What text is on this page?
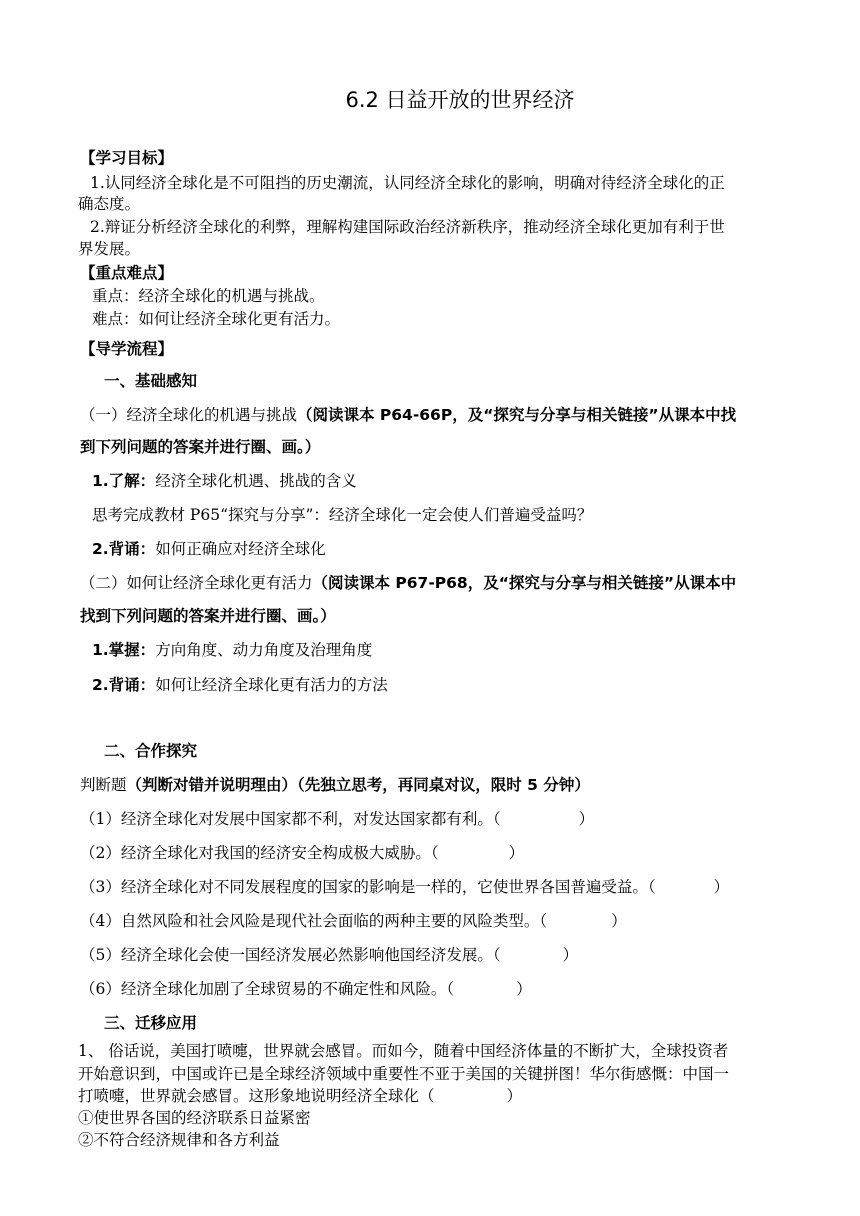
6.2 日益开放的世界经济
【学习目标】
1.认同经济全球化是不可阻挡的历史潮流，认同经济全球化的影响，明确对待经济全球化的正
确态度。
2.辩证分析经济全球化的利弊，理解构建国际政治经济新秩序，推动经济全球化更加有利于世
界发展。
【重点难点】
重点：经济全球化的机遇与挑战。
难点：如何让经济全球化更有活力。
【导学流程】
一、基础感知
（一）经济全球化的机遇与挑战（阅读课本 P64-66P，及“探究与分享与相关链接”从课本中找
到下列问题的答案并进行圈、画。）
1.了解：经济全球化机遇、挑战的含义
思考完成教材 P65“探究与分享”：经济全球化一定会使人们普遍受益吗？
2.背诵：如何正确应对经济全球化
（二）如何让经济全球化更有活力（阅读课本 P67-P68，及“探究与分享与相关链接”从课本中
找到下列问题的答案并进行圈、画。）
1.掌握：方向角度、动力角度及治理角度
2.背诵：如何让经济全球化更有活力的方法
二、合作探究
判断题（判断对错并说明理由）（先独立思考，再同桌对议，限时 5 分钟）
（1）经济全球化对发展中国家都不利，对发达国家都有利。（	）
（2）经济全球化对我国的经济安全构成极大威胁。（	）
（3）经济全球化对不同发展程度的国家的影响是一样的，它使世界各国普遍受益。（	）
（4）自然风险和社会风险是现代社会面临的两种主要的风险类型。（	）
（5）经济全球化会使一国经济发展必然影响他国经济发展。（	）
（6）经济全球化加剧了全球贸易的不确定性和风险。（	）
三、迁移应用
1、 俗话说，美国打喷嚏，世界就会感冒。而如今，随着中国经济体量的不断扩大，全球投资者
开始意识到，中国或许已是全球经济领域中重要性不亚于美国的关键拼图！华尔街感慨：中国一
打喷嚏，世界就会感冒。这形象地说明经济全球化（	）
①使世界各国的经济联系日益紧密
②不符合经济规律和各方利益
